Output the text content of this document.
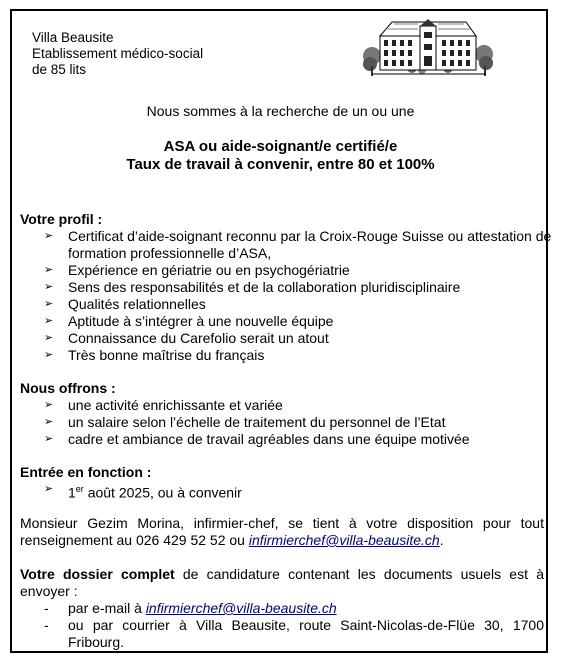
Villa Beausite
Etablissement médico-social
de 85 lits
Nous sommes à la recherche de un ou une
ASA ou aide-soignant/e certifié/e
Taux de travail à convenir, entre 80 et 100%
Votre profil :
➢ Certificat d’aide-soignant reconnu par la Croix-Rouge Suisse ou attestation de formation professionnelle d’ASA,
➢ Expérience en gériatrie ou en psychogériatrie
➢ Sens des responsabilités et de la collaboration pluridisciplinaire
➢ Qualités relationnelles
➢ Aptitude à s’intégrer à une nouvelle équipe
➢ Connaissance du Carefolio serait un atout
➢ Très bonne maîtrise du français
Nous offrons :
➢ une activité enrichissante et variée
➢ un salaire selon l’échelle de traitement du personnel de l’Etat
➢ cadre et ambiance de travail agréables dans une équipe motivée
Entrée en fonction :
➢ 1er août 2025, ou à convenir
Monsieur Gezim Morina, infirmier-chef, se tient à votre disposition pour tout renseignement au 026 429 52 52 ou infirmierchef@villa-beausite.ch.
Votre dossier complet de candidature contenant les documents usuels est à envoyer :
- par e-mail à infirmierchef@villa-beausite.ch
- ou par courrier à Villa Beausite, route Saint-Nicolas-de-Flüe 30, 1700 Fribourg.
